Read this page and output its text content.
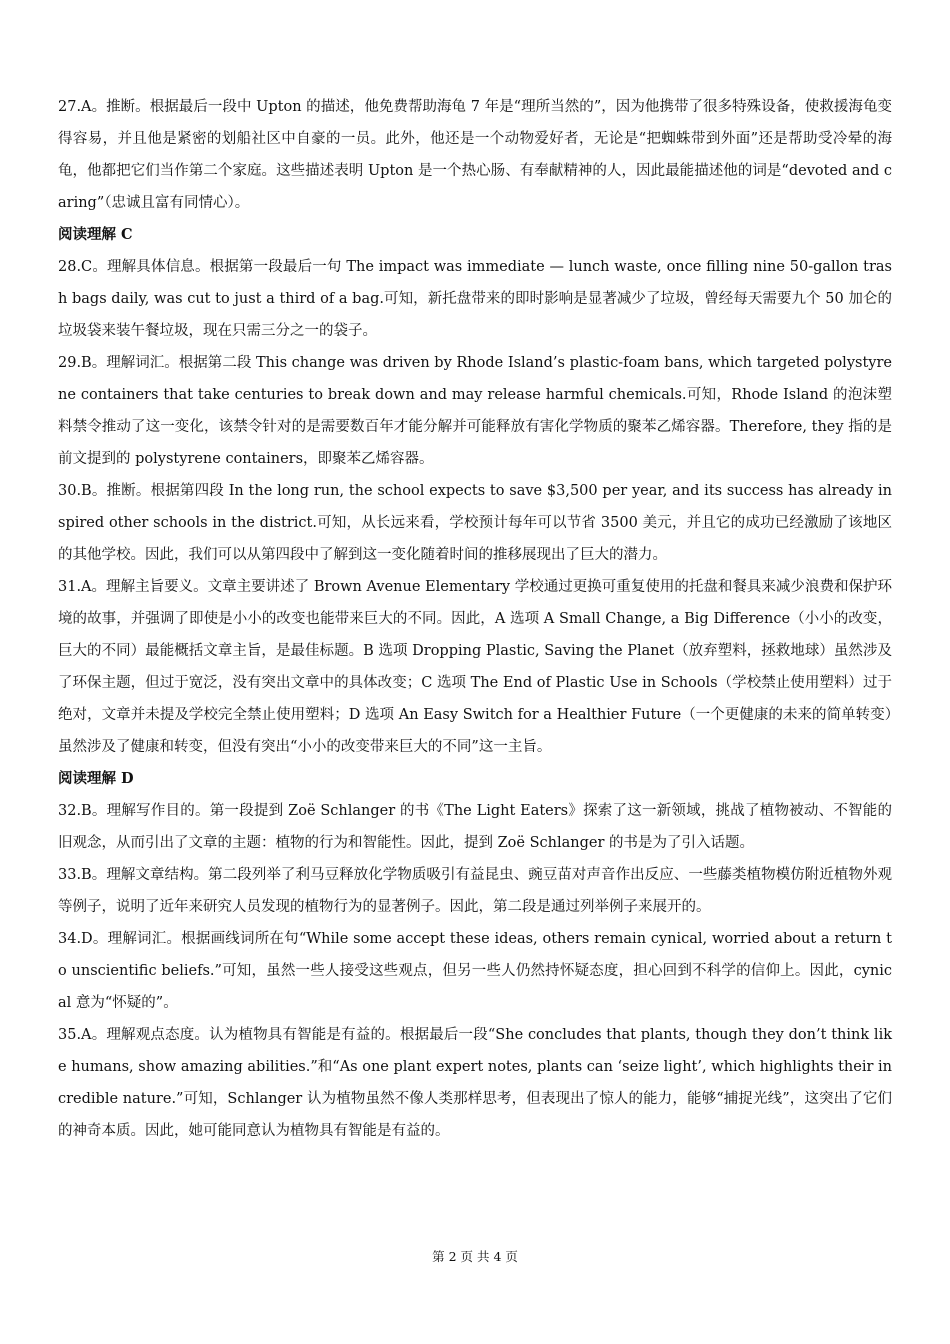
27.A。推断。根据最后一段中 Upton 的描述，他免费帮助海龟 7 年是“理所当然的”，因为他携带了很多特殊设备，使救援海龟变得容易，并且他是紧密的划船社区中自豪的一员。此外，他还是一个动物爱好者，无论是“把蜘蛛带到外面”还是帮助受冷晕的海龟，他都把它们当作第二个家庭。这些描述表明 Upton 是一个热心肠、有奉献精神的人，因此最能描述他的词是“devoted and caring”（忠诚且富有同情心）。

阅读理解 C

28.C。理解具体信息。根据第一段最后一句 The impact was immediate — lunch waste, once filling nine 50-gallon trash bags daily, was cut to just a third of a bag.可知，新托盘带来的即时影响是显著减少了垃圾，曾经每天需要九个 50 加仑的垃圾袋来装午餐垃圾，现在只需三分之一的袋子。

29.B。理解词汇。根据第二段 This change was driven by Rhode Island’s plastic-foam bans, which targeted polystyrene containers that take centuries to break down and may release harmful chemicals.可知，Rhode Island 的泡沫塑料禁令推动了这一变化，该禁令针对的是需要数百年才能分解并可能释放有害化学物质的聚苯乙烯容器。Therefore, they 指的是前文提到的 polystyrene containers，即聚苯乙烯容器。

30.B。推断。根据第四段 In the long run, the school expects to save $3,500 per year, and its success has already inspired other schools in the district.可知，从长远来看，学校预计每年可以节省 3500 美元，并且它的成功已经激励了该地区的其他学校。因此，我们可以从第四段中了解到这一变化随着时间的推移展现出了巨大的潜力。

31.A。理解主旨要义。文章主要讲述了 Brown Avenue Elementary 学校通过更换可重复使用的托盘和餐具来减少浪费和保护环境的故事，并强调了即使是小小的改变也能带来巨大的不同。因此，A 选项 A Small Change, a Big Difference（小小的改变，巨大的不同）最能概括文章主旨，是最佳标题。B 选项 Dropping Plastic, Saving the Planet（放弃塑料，拯救地球）虽然涉及了环保主题，但过于宽泛，没有突出文章中的具体改变；C 选项 The End of Plastic Use in Schools（学校禁止使用塑料）过于绝对，文章并未提及学校完全禁止使用塑料；D 选项 An Easy Switch for a Healthier Future（一个更健康的未来的简单转变）虽然涉及了健康和转变，但没有突出“小小的改变带来巨大的不同”这一主旨。

阅读理解 D

32.B。理解写作目的。第一段提到 Zoë Schlanger 的书《The Light Eaters》探索了这一新领域，挑战了植物被动、不智能的旧观念，从而引出了文章的主题：植物的行为和智能性。因此，提到 Zoë Schlanger 的书是为了引入话题。

33.B。理解文章结构。第二段列举了利马豆释放化学物质吸引有益昆虫、豌豆苗对声音作出反应、一些藤类植物模仿附近植物外观等例子，说明了近年来研究人员发现的植物行为的显著例子。因此，第二段是通过列举例子来展开的。

34.D。理解词汇。根据画线词所在句“While some accept these ideas, others remain cynical, worried about a return to unscientific beliefs.”可知，虽然一些人接受这些观点，但另一些人仍然持怀疑态度，担心回到不科学的信仰上。因此，cynical 意为“怀疑的”。

35.A。理解观点态度。认为植物具有智能是有益的。根据最后一段“She concludes that plants, though they don’t think like humans, show amazing abilities.”和“As one plant expert notes, plants can ‘seize light’, which highlights their incredible nature.”可知，Schlanger 认为植物虽然不像人类那样思考，但表现出了惊人的能力，能够“捕捉光线”，这突出了它们的神奇本质。因此，她可能同意认为植物具有智能是有益的。

第 2 页 共 4 页
